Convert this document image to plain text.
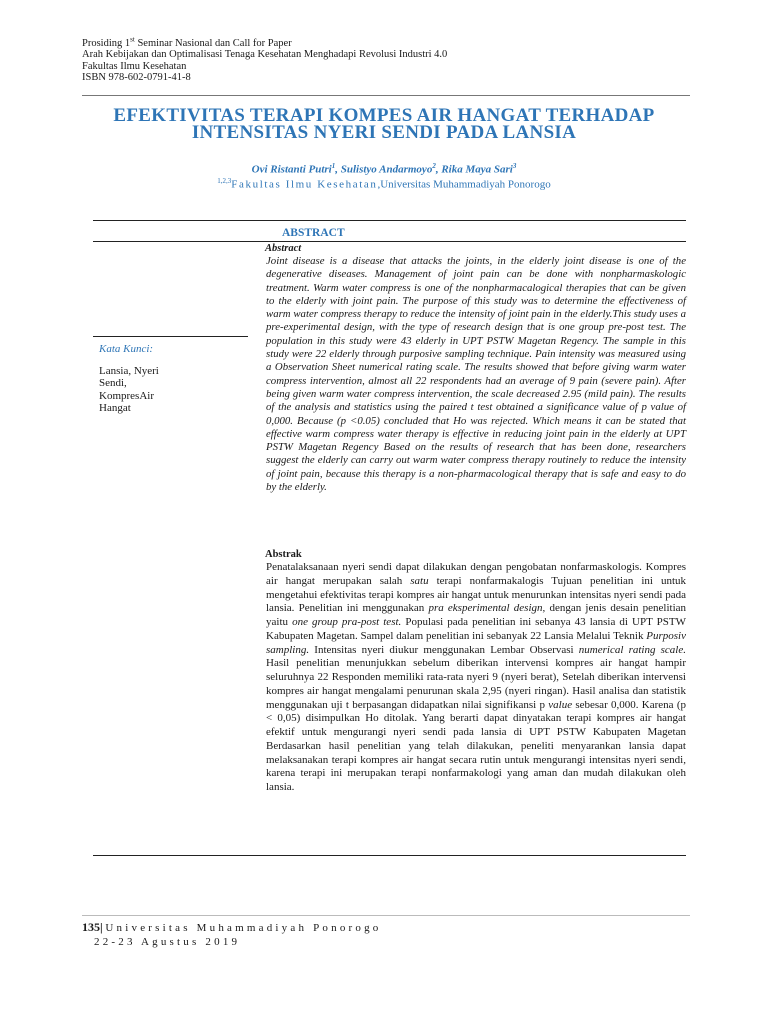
Prosiding 1st Seminar Nasional dan Call for Paper
Arah Kebijakan dan Optimalisasi Tenaga Kesehatan Menghadapi Revolusi Industri 4.0
Fakultas Ilmu Kesehatan
ISBN 978-602-0791-41-8
EFEKTIVITAS TERAPI KOMPES AIR HANGAT TERHADAP
INTENSITAS NYERI SENDI PADA LANSIA
Ovi Ristanti Putri$^1$, Sulistyo Andarmoyo$^2$, Rika Maya Sari$^3$
$^{1,2,3}$Fakultas Ilmu Kesehatan,Universitas Muhammadiyah Ponorogo
ABSTRACT
Abstract
Joint disease is a disease that attacks the joints, in the elderly joint disease is one of the degenerative diseases. Management of joint pain can be done with nonpharmaskologic treatment. Warm water compress is one of the nonpharmacalogical therapies that can be given to the elderly with joint pain. The purpose of this study was to determine the effectiveness of warm water compress therapy to reduce the intensity of joint pain in the elderly.This study uses a pre-experimental design, with the type of research design that is one group pre-post test. The population in this study were 43 elderly in UPT PSTW Magetan Regency. The sample in this study were 22 elderly through purposive sampling technique. Pain intensity was measured using a Observation Sheet numerical rating scale. The results showed that before giving warm water compress intervention, almost all 22 respondents had an average of 9 pain (severe pain). After being given warm water compress intervention, the scale decreased 2.95 (mild pain). The results of the analysis and statistics using the paired t test obtained a significance value of p value of 0,000. Because (p <0.05) concluded that Ho was rejected. Which means it can be stated that effective warm compress water therapy is effective in reducing joint pain in the elderly at UPT PSTW Magetan Regency Based on the results of research that has been done, researchers suggest the elderly can carry out warm water compress therapy routinely to reduce the intensity of joint pain, because this therapy is a non-pharmacological therapy that is safe and easy to do by the elderly.
Abstrak
Penatalaksanaan nyeri sendi dapat dilakukan dengan pengobatan nonfarmaskologis. Kompres air hangat merupakan salah satu terapi nonfarmakalogis Tujuan penelitian ini untuk mengetahui efektivitas terapi kompres air hangat untuk menurunkan intensitas nyeri sendi pada lansia. Penelitian ini menggunakan pra eksperimental design, dengan jenis desain penelitian yaitu one group pra-post test. Populasi pada penelitian ini sebanya 43 lansia di UPT PSTW Kabupaten Magetan. Sampel dalam penelitian ini sebanyak 22 Lansia Melalui Teknik Purposiv sampling. Intensitas nyeri diukur menggunakan Lembar Observasi numerical rating scale. Hasil penelitian menunjukkan sebelum diberikan intervensi kompres air hangat hampir seluruhnya 22 Responden memiliki rata-rata nyeri 9 (nyeri berat), Setelah diberikan intervensi kompres air hangat mengalami penurunan skala 2,95 (nyeri ringan). Hasil analisa dan statistik menggunakan uji t berpasangan didapatkan nilai signifikansi p value sebesar 0,000. Karena (p < 0,05) disimpulkan Ho ditolak. Yang berarti dapat dinyatakan terapi kompres air hangat efektif untuk mengurangi nyeri sendi pada lansia di UPT PSTW Kabupaten Magetan Berdasarkan hasil penelitian yang telah dilakukan, peneliti menyarankan lansia dapat melaksanakan terapi kompres air hangat secara rutin untuk mengurangi intensitas nyeri sendi, karena terapi ini merupakan terapi nonfarmakologi yang aman dan mudah dilakukan oleh lansia.
Kata Kunci:
Lansia, Nyeri
Sendi,
KompresAir
Hangat
135| Universitas Muhammadiyah Ponorogo
22-23 Agustus 2019
